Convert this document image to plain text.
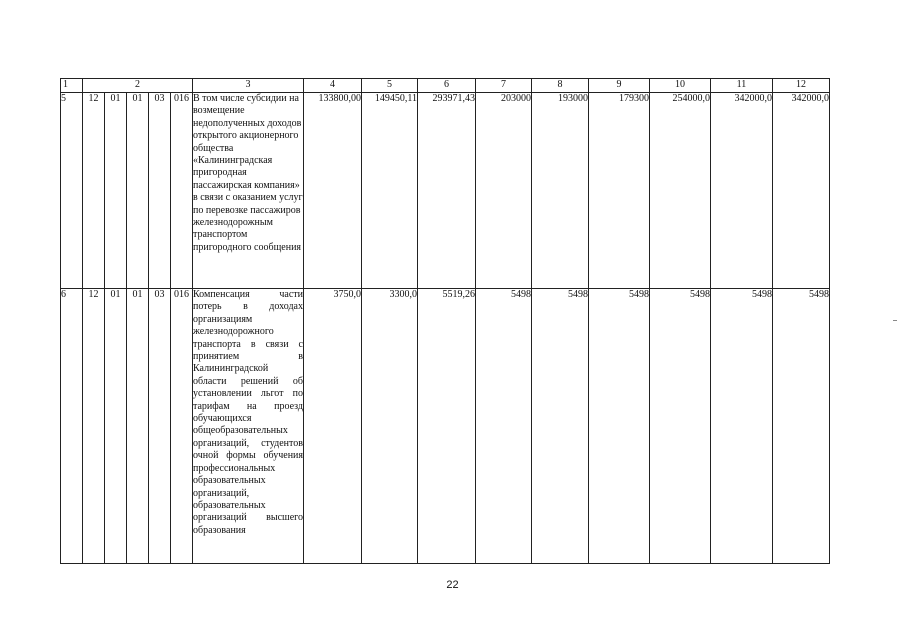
1	2					3	4	5	6	7	8	9	10	11	12
5	12	01	01	03	016	В том числе субсидии на возмещение недополученных доходов открытого акционерного общества «Калининградская пригородная пассажирская компания» в связи с оказанием услуг по перевозке пассажиров железнодорожным транспортом пригородного сообщения	133800,00	149450,11	293971,43	203000	193000	179300	254000,0	342000,0	342000,0
6	12	01	01	03	016	Компенсация части потерь в доходах организациям железнодорожного транспорта в связи с принятием в Калининградской области решений об установлении льгот по тарифам на проезд обучающихся общеобразовательных организаций, студентов очной формы обучения профессиональных образовательных организаций, образовательных организаций высшего образования	3750,0	3300,0	5519,26	5498	5498	5498	5498	5498	5498
22
